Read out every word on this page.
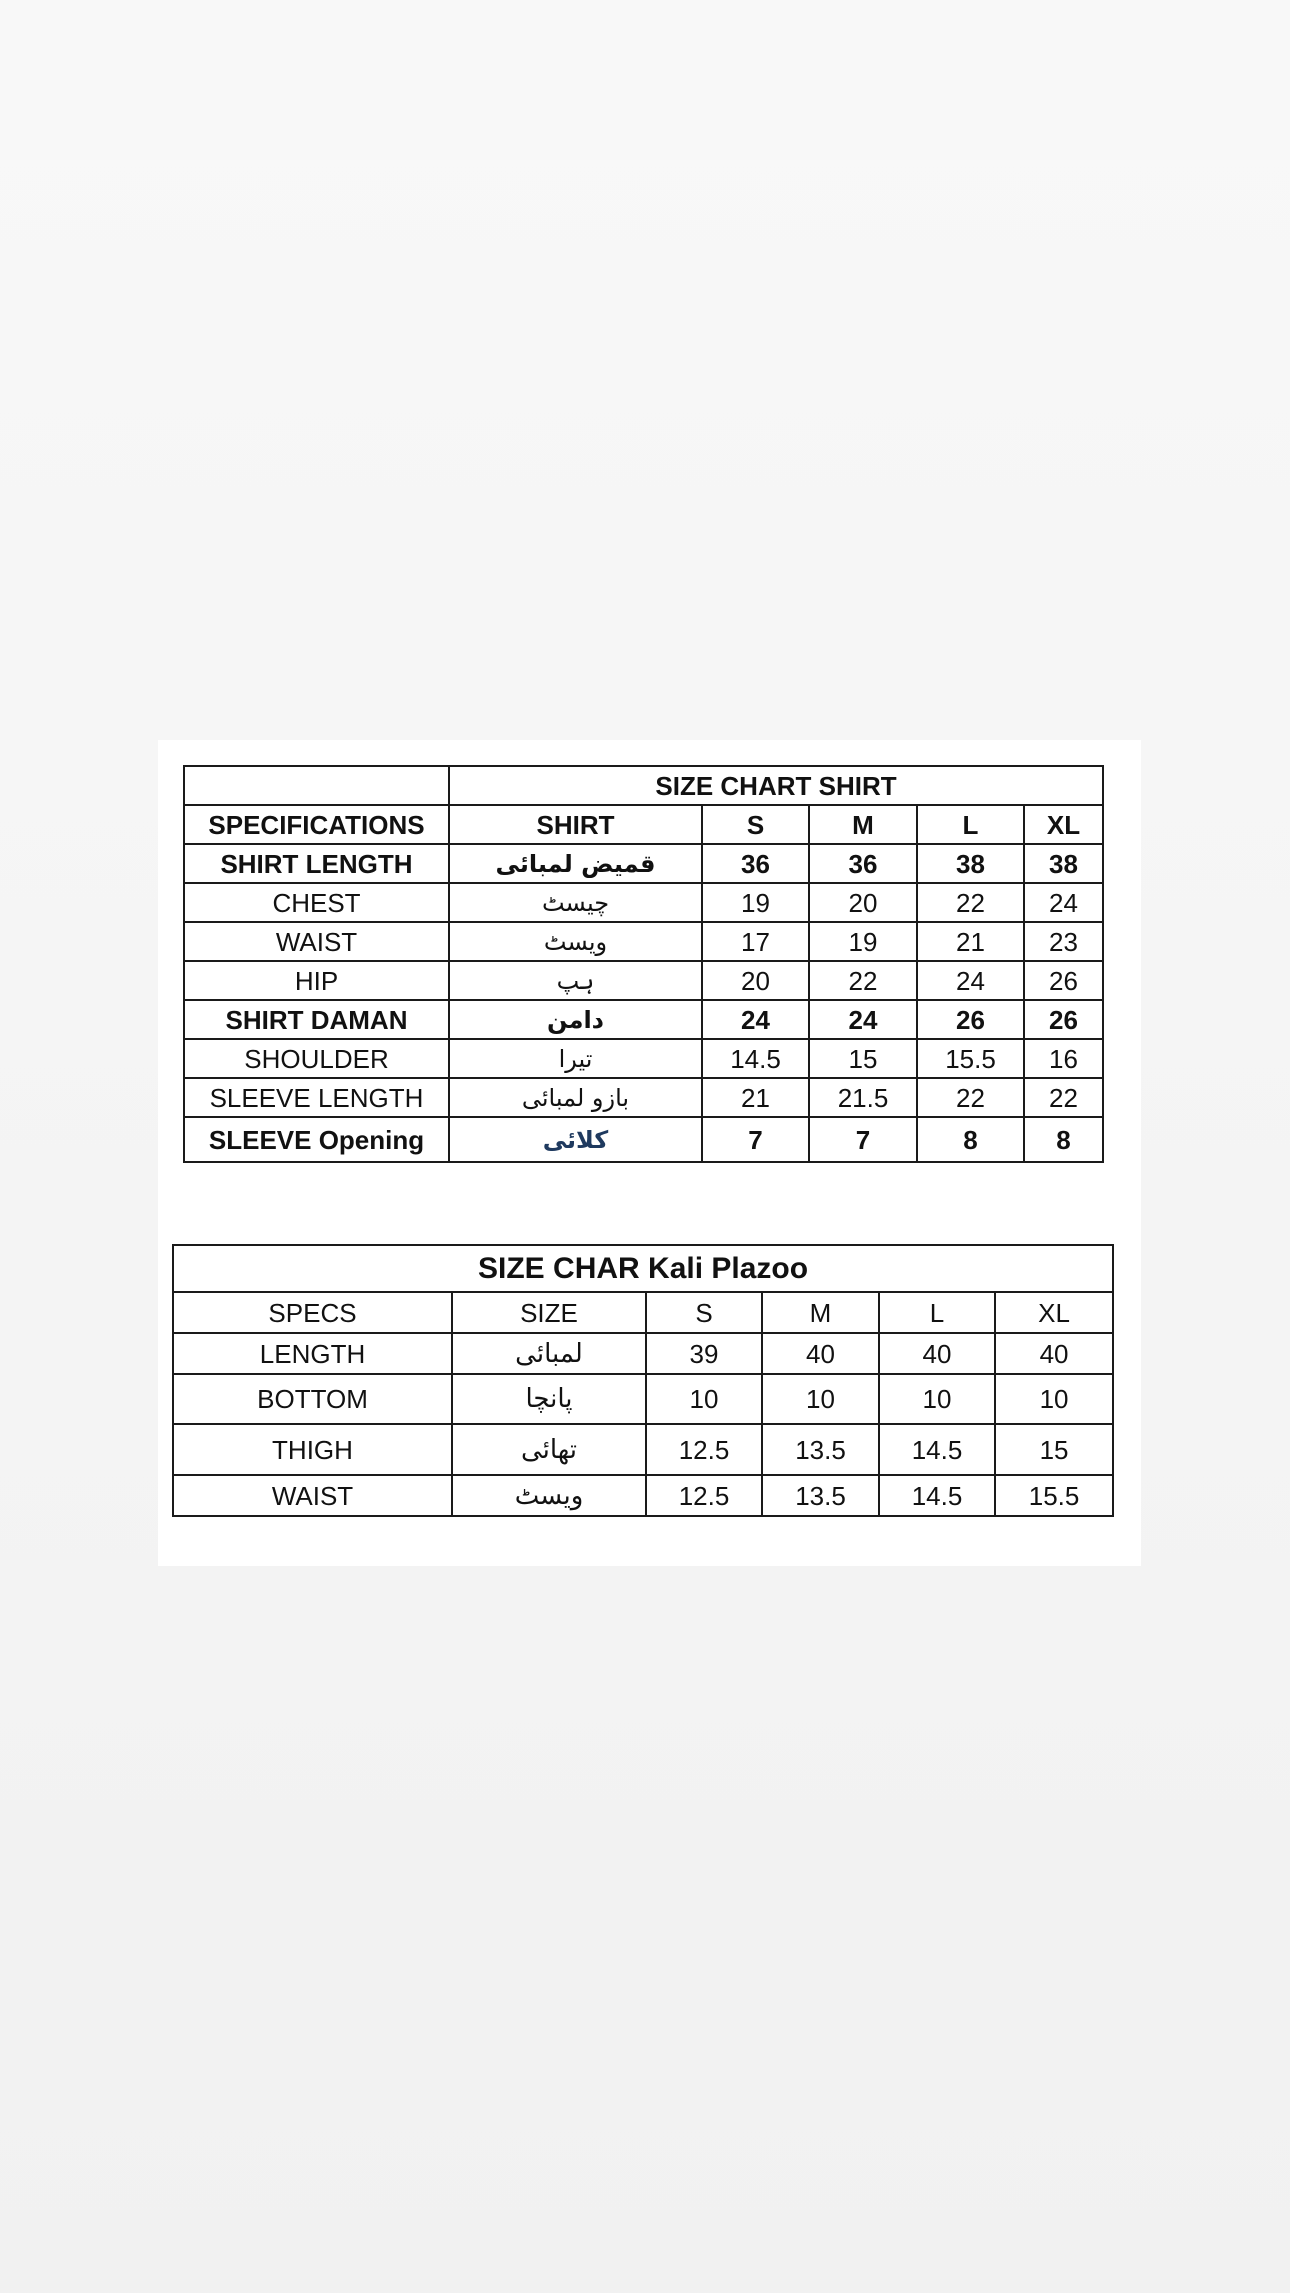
	SIZE CHART SHIRT				
SPECIFICATIONS	SHIRT	S	M	L	XL
SHIRT LENGTH	قمیض لمبائی	36	36	38	38
CHEST	چیسٹ	19	20	22	24
WAIST	ویسٹ	17	19	21	23
HIP	ہپ	20	22	24	26
SHIRT DAMAN	دامن	24	24	26	26
SHOULDER	تیرا	14.5	15	15.5	16
SLEEVE LENGTH	بازو لمبائی	21	21.5	22	22
SLEEVE Opening	کلائی	7	7	8	8
SIZE CHAR Kali Plazoo					
SPECS	SIZE	S	M	L	XL
LENGTH	لمبائی	39	40	40	40
BOTTOM	پانچا	10	10	10	10
THIGH	تھائی	12.5	13.5	14.5	15
WAIST	ویسٹ	12.5	13.5	14.5	15.5
